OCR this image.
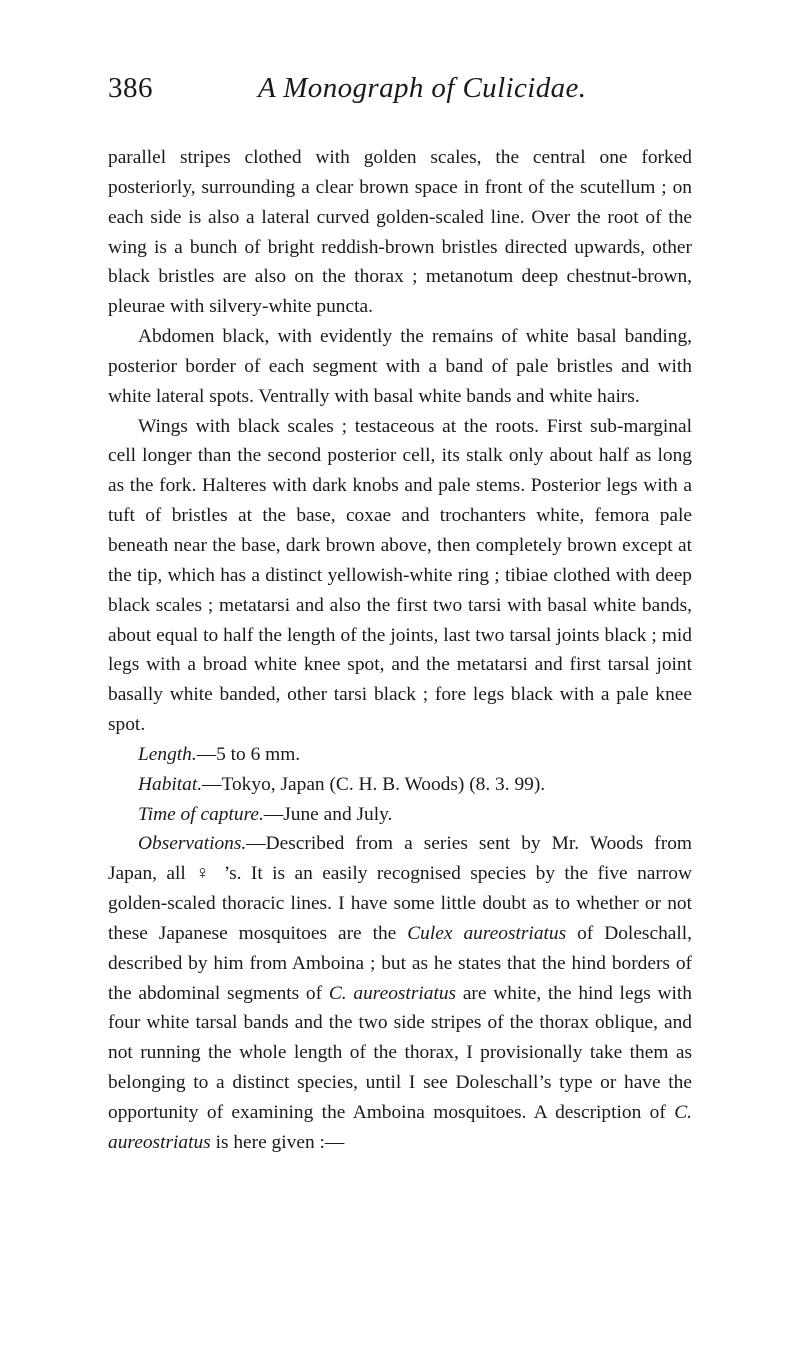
386	A Monograph of Culicidae.

parallel stripes clothed with golden scales, the central one forked posteriorly, surrounding a clear brown space in front of the scutellum ; on each side is also a lateral curved golden-scaled line. Over the root of the wing is a bunch of bright reddish-brown bristles directed upwards, other black bristles are also on the thorax ; metanotum deep chestnut-brown, pleurae with silvery-white puncta.

Abdomen black, with evidently the remains of white basal banding, posterior border of each segment with a band of pale bristles and with white lateral spots. Ventrally with basal white bands and white hairs.

Wings with black scales ; testaceous at the roots. First sub-marginal cell longer than the second posterior cell, its stalk only about half as long as the fork. Halteres with dark knobs and pale stems. Posterior legs with a tuft of bristles at the base, coxae and trochanters white, femora pale beneath near the base, dark brown above, then completely brown except at the tip, which has a distinct yellowish-white ring ; tibiae clothed with deep black scales ; metatarsi and also the first two tarsi with basal white bands, about equal to half the length of the joints, last two tarsal joints black ; mid legs with a broad white knee spot, and the metatarsi and first tarsal joint basally white banded, other tarsi black ; fore legs black with a pale knee spot.

Length.—5 to 6 mm.

Habitat.—Tokyo, Japan (C. H. B. Woods) (8. 3. 99).

Time of capture.—June and July.

Observations.—Described from a series sent by Mr. Woods from Japan, all ♀ ’s. It is an easily recognised species by the five narrow golden-scaled thoracic lines. I have some little doubt as to whether or not these Japanese mosquitoes are the Culex aureostriatus of Doleschall, described by him from Amboina ; but as he states that the hind borders of the abdominal segments of C. aureostriatus are white, the hind legs with four white tarsal bands and the two side stripes of the thorax oblique, and not running the whole length of the thorax, I provisionally take them as belonging to a distinct species, until I see Doleschall’s type or have the opportunity of examining the Amboina mosquitoes. A description of C. aureostriatus is here given :—
